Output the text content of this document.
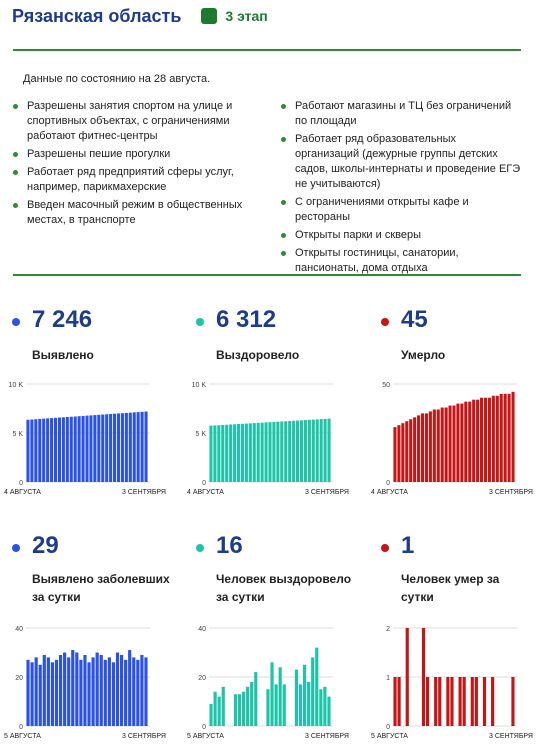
Рязанская область	3 этап
Данные по состоянию на 28 августа.
Разрешены занятия спортом на улице и спортивных объектах, с ограничениями работают фитнес-центры
Разрешены пешие прогулки
Работает ряд предприятий сферы услуг, например, парикмахерские
Введен масочный режим в общественных местах, в транспорте
Работают магазины и ТЦ без ограничений по площади
Работает ряд образовательных организаций (дежурные группы детских садов, школы-интернаты и проведение ЕГЭ не учитываются)
С ограничениями открыты кафе и рестораны
Открыты парки и скверы
Открыты гостиницы, санатории, пансионаты, дома отдыха
7 246
Выявлено
6 312
Выздоровело
45
Умерло
29
Выявлено заболевших за сутки
16
Человек выздоровело за сутки
1
Человек умер за сутки
0
5 K
10 K
4 АВГУСТА	3 СЕНТЯБРЯ
0
5 K
10 K
4 АВГУСТА	3 СЕНТЯБРЯ
0
50
4 АВГУСТА	3 СЕНТЯБРЯ
0
20
40
5 АВГУСТА	3 СЕНТЯБРЯ
0
20
40
5 АВГУСТА	3 СЕНТЯБРЯ
0
1
2
5 АВГУСТА	3 СЕНТЯБРЯ
